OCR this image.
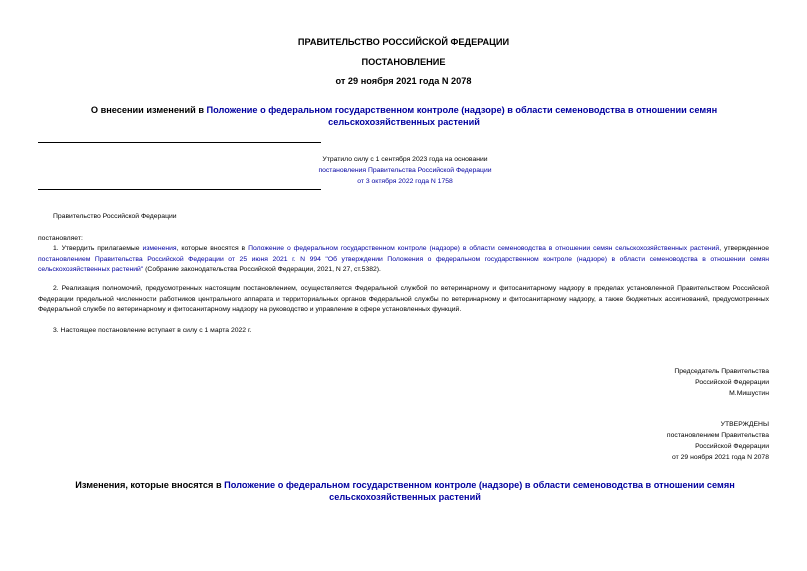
ПРАВИТЕЛЬСТВО РОССИЙСКОЙ ФЕДЕРАЦИИ
ПОСТАНОВЛЕНИЕ
от 29 ноября 2021 года N 2078
О внесении изменений в Положение о федеральном государственном контроле (надзоре) в области семеноводства в отношении семян сельскохозяйственных растений
Утратило силу с 1 сентября 2023 года на основании
постановления Правительства Российской Федерации
от 3 октября 2022 года N 1758
Правительство Российской Федерации
постановляет:
1. Утвердить прилагаемые изменения, которые вносятся в Положение о федеральном государственном контроле (надзоре) в области семеноводства в отношении семян сельскохозяйственных растений, утвержденное постановлением Правительства Российской Федерации от 25 июня 2021 г. N 994 "Об утверждении Положения о федеральном государственном контроле (надзоре) в области семеноводства в отношении семян сельскохозяйственных растений" (Собрание законодательства Российской Федерации, 2021, N 27, ст.5382).
2. Реализация полномочий, предусмотренных настоящим постановлением, осуществляется Федеральной службой по ветеринарному и фитосанитарному надзору в пределах установленной Правительством Российской Федерации предельной численности работников центрального аппарата и территориальных органов Федеральной службы по ветеринарному и фитосанитарному надзору, а также бюджетных ассигнований, предусмотренных Федеральной службе по ветеринарному и фитосанитарному надзору на руководство и управление в сфере установленных функций.
3. Настоящее постановление вступает в силу с 1 марта 2022 г.
Председатель Правительства
Российской Федерации
М.Мишустин
УТВЕРЖДЕНЫ
постановлением Правительства
Российской Федерации
от 29 ноября 2021 года N 2078
Изменения, которые вносятся в Положение о федеральном государственном контроле (надзоре) в области семеноводства в отношении семян сельскохозяйственных растений
